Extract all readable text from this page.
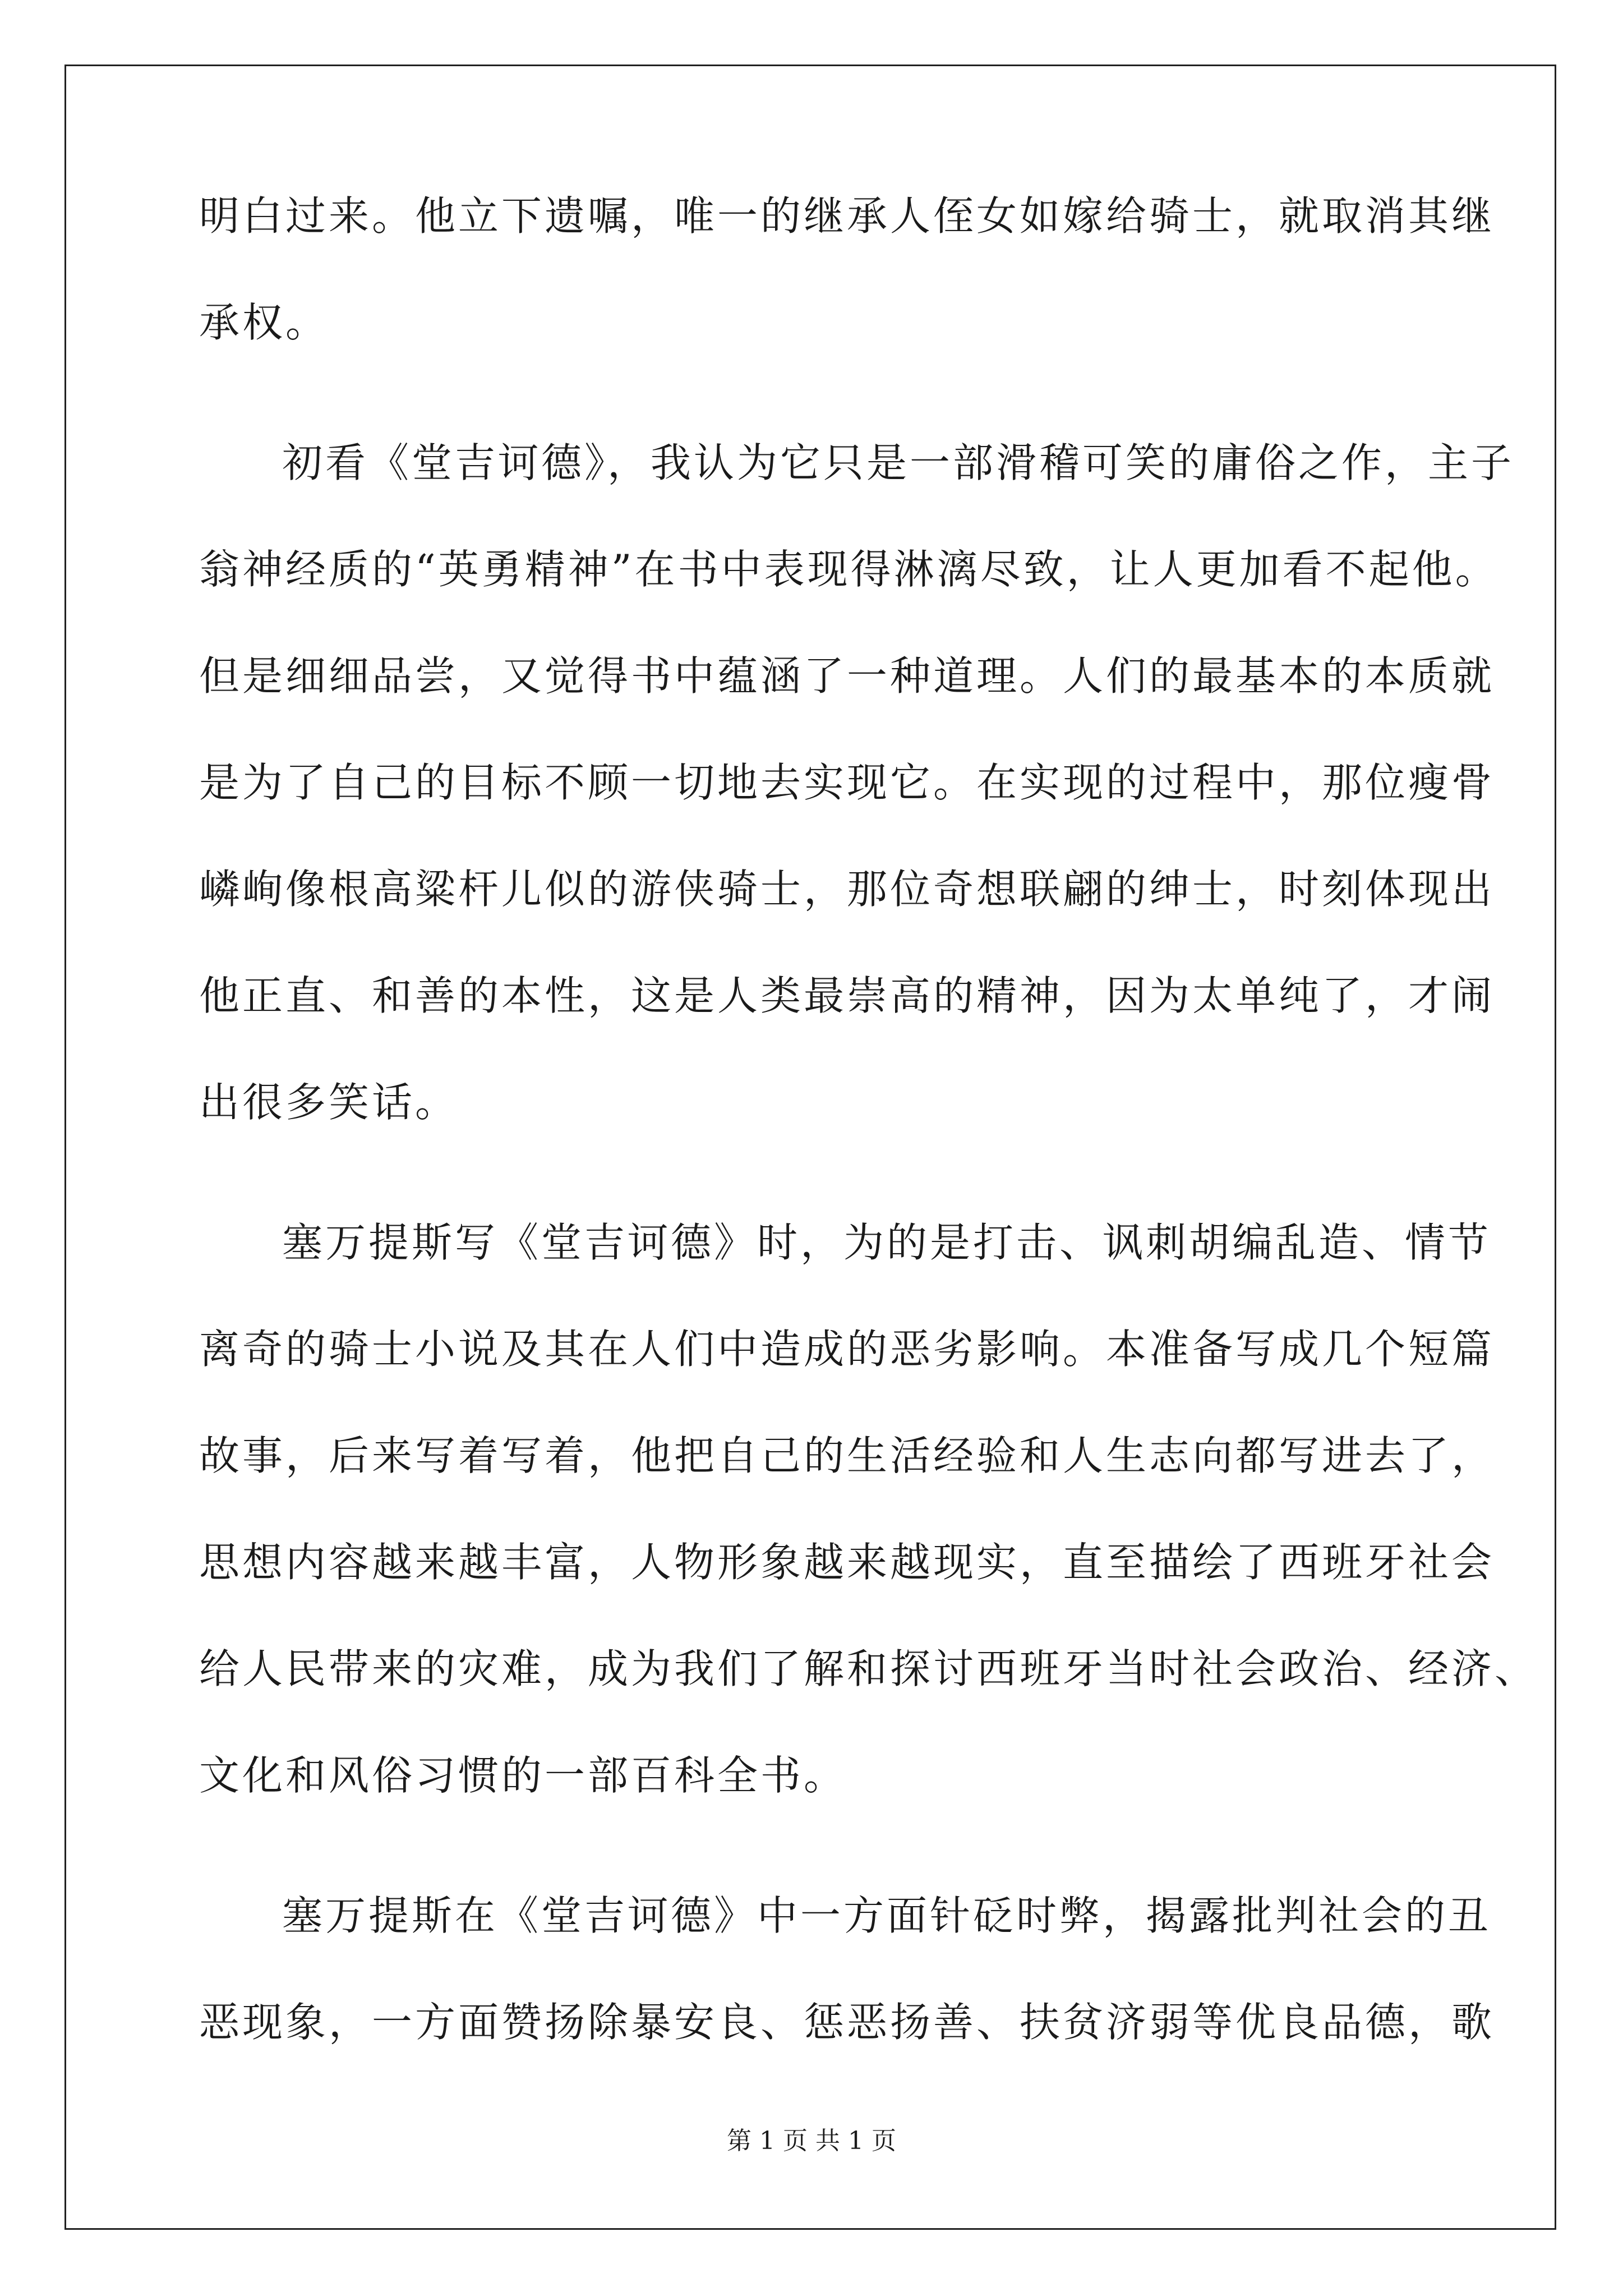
明白过来。他立下遗嘱，唯一的继承人侄女如嫁给骑士，就取消其继
承权。
初看《堂吉诃德》，我认为它只是一部滑稽可笑的庸俗之作，主子
翁神经质的“英勇精神”在书中表现得淋漓尽致，让人更加看不起他。
但是细细品尝，又觉得书中蕴涵了一种道理。人们的最基本的本质就
是为了自己的目标不顾一切地去实现它。在实现的过程中，那位瘦骨
嶙峋像根高粱杆儿似的游侠骑士，那位奇想联翩的绅士，时刻体现出
他正直、和善的本性，这是人类最崇高的精神，因为太单纯了，才闹
出很多笑话。
塞万提斯写《堂吉诃德》时，为的是打击、讽刺胡编乱造、情节
离奇的骑士小说及其在人们中造成的恶劣影响。本准备写成几个短篇
故事，后来写着写着，他把自己的生活经验和人生志向都写进去了，
思想内容越来越丰富，人物形象越来越现实，直至描绘了西班牙社会
给人民带来的灾难，成为我们了解和探讨西班牙当时社会政治、经济、
文化和风俗习惯的一部百科全书。
塞万提斯在《堂吉诃德》中一方面针砭时弊，揭露批判社会的丑
恶现象，一方面赞扬除暴安良、惩恶扬善、扶贫济弱等优良品德，歌
第 1 页 共 1 页
